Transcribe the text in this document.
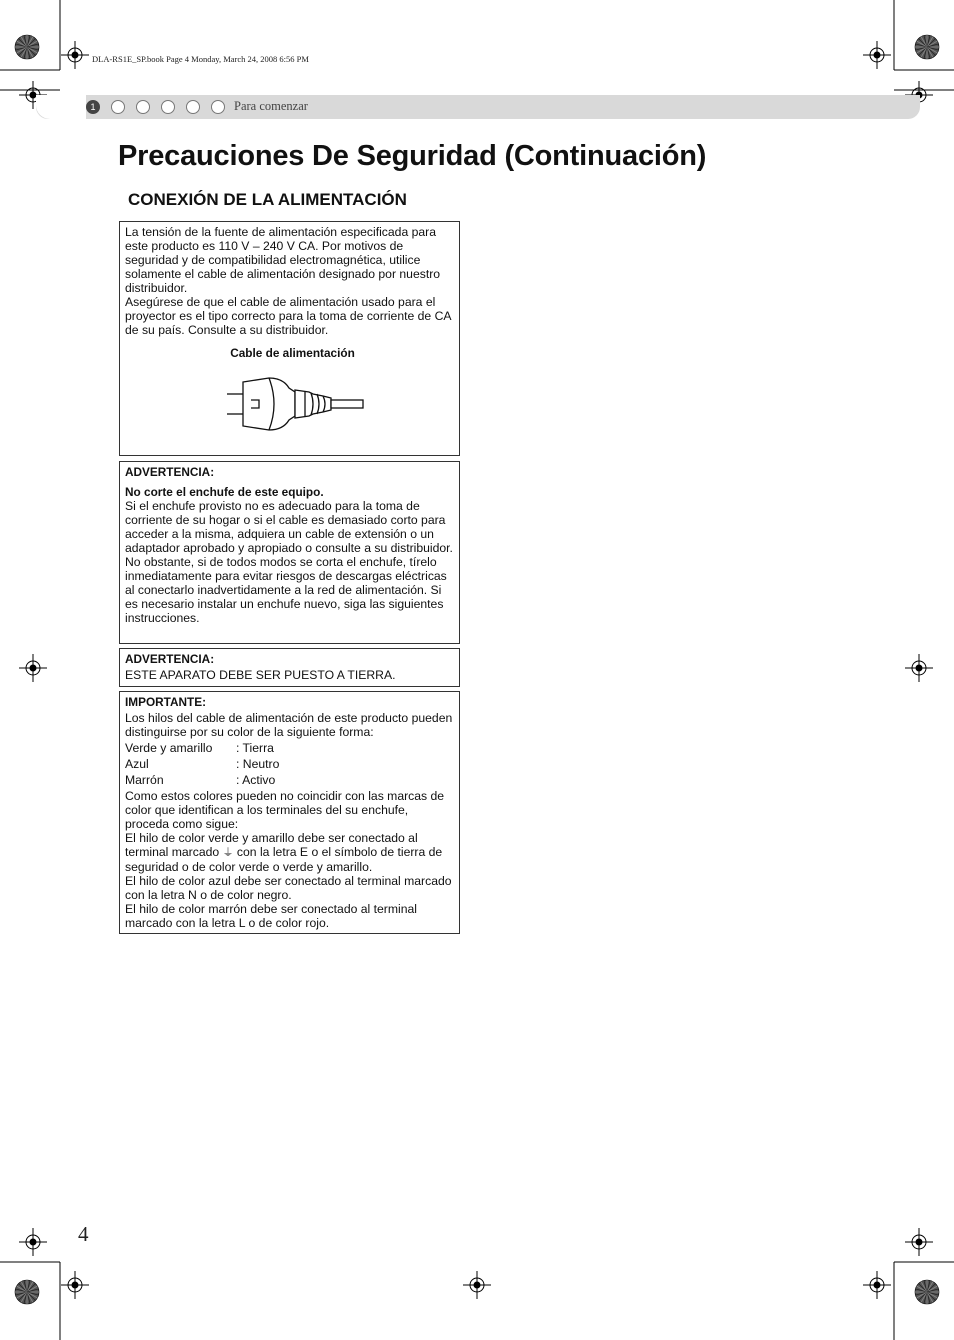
DLA-RS1E_SP.book Page 4 Monday, March 24, 2008 6:56 PM
1	Para comenzar
Precauciones De Seguridad (Continuación)
CONEXIÓN DE LA ALIMENTACIÓN

La tensión de la fuente de alimentación especificada para este producto es 110 V – 240 V CA. Por motivos de seguridad y de compatibilidad electromagnética, utilice solamente el cable de alimentación designado por nuestro distribuidor.

Asegúrese de que el cable de alimentación usado para el proyector es el tipo correcto para la toma de corriente de CA de su país. Consulte a su distribuidor.

Cable de alimentación

ADVERTENCIA:

No corte el enchufe de este equipo.

Si el enchufe provisto no es adecuado para la toma de corriente de su hogar o si el cable es demasiado corto para acceder a la misma, adquiera un cable de extensión o un adaptador aprobado y apropiado o consulte a su distribuidor.

No obstante, si de todos modos se corta el enchufe, tírelo inmediatamente para evitar riesgos de descargas eléctricas al conectarlo inadvertidamente a la red de alimentación. Si es necesario instalar un enchufe nuevo, siga las siguientes instrucciones.

ADVERTENCIA:

ESTE APARATO DEBE SER PUESTO A TIERRA.

IMPORTANTE:

Los hilos del cable de alimentación de este producto pueden distinguirse por su color de la siguiente forma:

Verde y amarillo	: Tierra
Azul	: Neutro
Marrón	: Activo

Como estos colores pueden no coincidir con las marcas de color que identifican a los terminales del su enchufe, proceda como sigue:

El hilo de color verde y amarillo debe ser conectado al terminal marcado ⏚ con la letra E o el símbolo de tierra de seguridad o de color verde o verde y amarillo.

El hilo de color azul debe ser conectado al terminal marcado con la letra N o de color negro.

El hilo de color marrón debe ser conectado al terminal marcado con la letra L o de color rojo.

4
